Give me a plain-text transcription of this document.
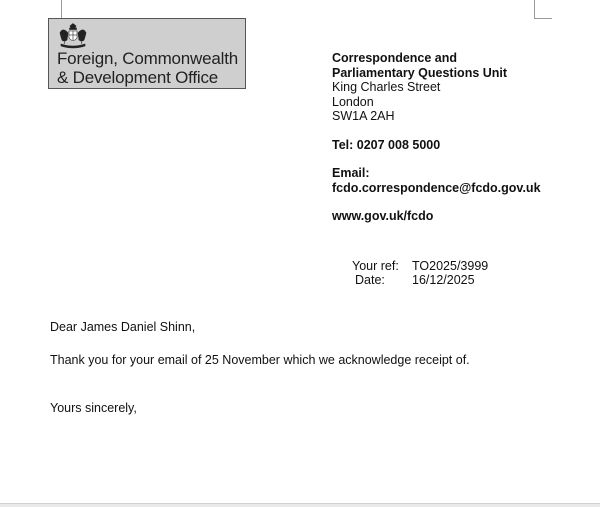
Foreign, Commonwealth
& Development Office
Correspondence and
Parliamentary Questions Unit
King Charles Street
London
SW1A 2AH
Tel: 0207 008 5000
Email:
fcdo.correspondence@fcdo.gov.uk
www.gov.uk/fcdo
Your ref:	TO2025/3999
Date:	16/12/2025
Dear James Daniel Shinn,
Thank you for your email of 25 November which we acknowledge receipt of.
Yours sincerely,
